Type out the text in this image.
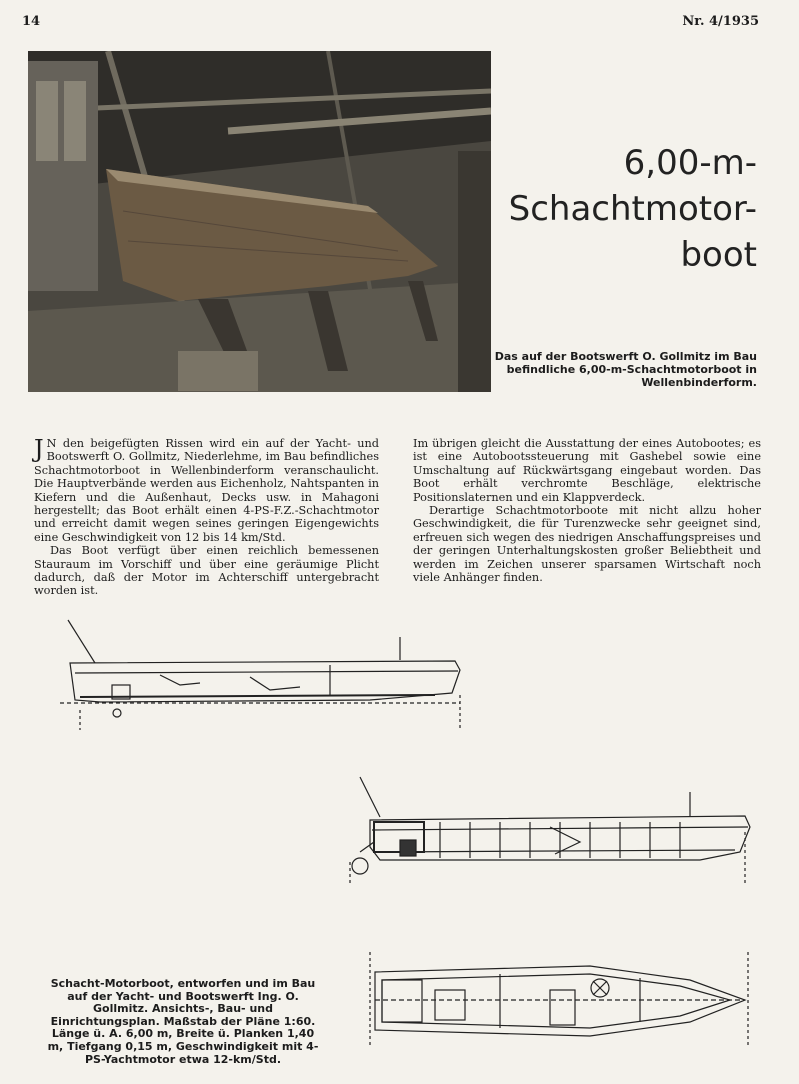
14	Nr. 4/1935
6,00-m-
Schachtmotor-
boot
Das auf der Bootswerft O. Gollmitz im Bau befindliche 6,00-m-Schachtmotorboot in Wellenbinderform.

J N den beigefügten Rissen wird ein auf der Yacht- und Bootswerft O. Gollmitz, Niederlehme, im Bau befindliches Schachtmotorboot in Wellenbinderform veranschaulicht. Die Hauptverbände werden aus Eichenholz, Nahtspanten in Kiefern und die Außenhaut, Decks usw. in Mahagoni hergestellt; das Boot erhält einen 4-PS-F.Z.-Schachtmotor und erreicht damit wegen seines geringen Eigengewichts eine Geschwindigkeit von 12 bis 14 km/Std.

Das Boot verfügt über einen reichlich bemessenen Stauraum im Vorschiff und über eine geräumige Plicht dadurch, daß der Motor im Achterschiff untergebracht worden ist.

Im übrigen gleicht die Ausstattung der eines Autobootes; es ist eine Autobootssteuerung mit Gashebel sowie eine Umschaltung auf Rückwärtsgang eingebaut worden. Das Boot erhält verchromte Beschläge, elektrische Positionslaternen und ein Klappverdeck.

Derartige Schachtmotorboote mit nicht allzu hoher Geschwindigkeit, die für Turenzwecke sehr geeignet sind, erfreuen sich wegen des niedrigen Anschaffungspreises und der geringen Unterhaltungskosten großer Beliebtheit und werden im Zeichen unserer sparsamen Wirtschaft noch viele Anhänger finden.

Schacht-Motorboot, entworfen und im Bau auf der Yacht- und Bootswerft Ing. O. Gollmitz. Ansichts-, Bau- und Einrichtungsplan. Maßstab der Pläne 1:60. Länge ü. A. 6,00 m, Breite ü. Planken 1,40 m, Tiefgang 0,15 m, Geschwindigkeit mit 4-PS-Yachtmotor etwa 12-km/Std.
